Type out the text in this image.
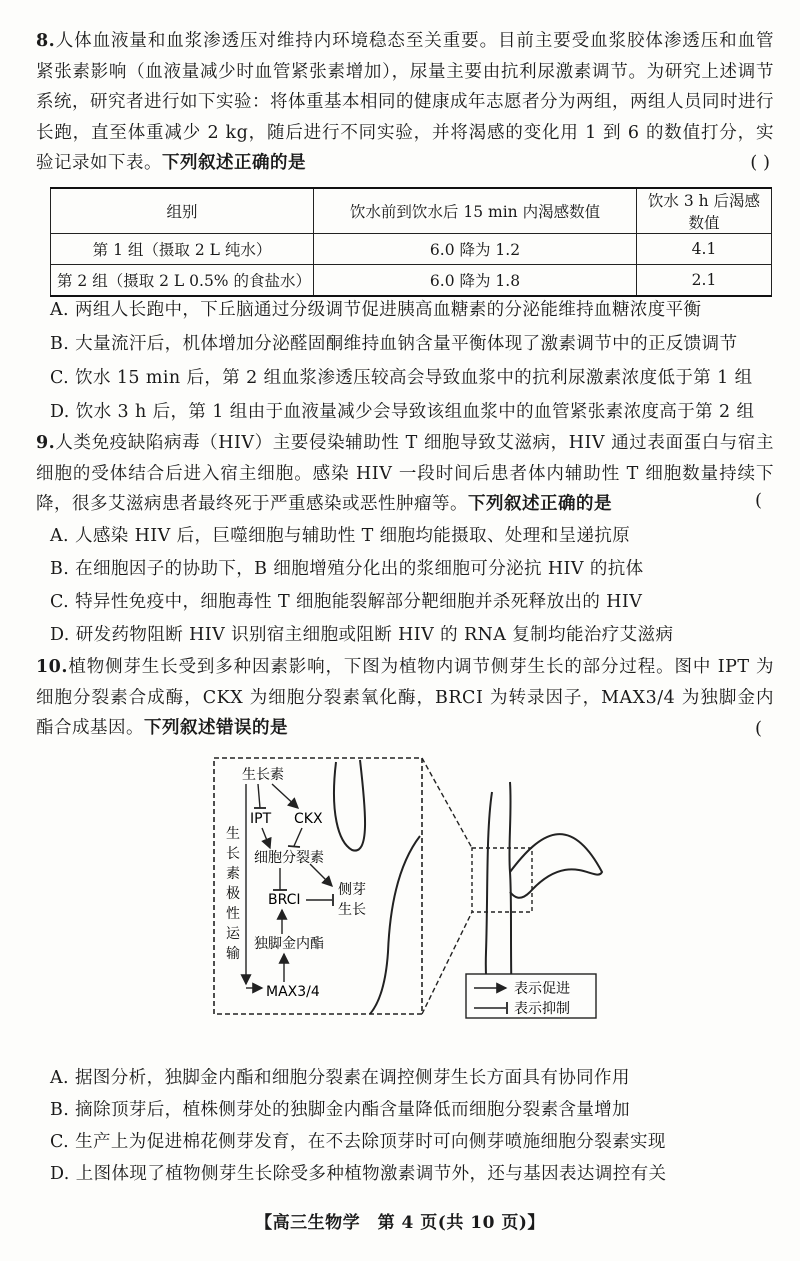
8.人体血液量和血浆渗透压对维持内环境稳态至关重要。目前主要受血浆胶体渗透压和血管紧张素影响（血液量减少时血管紧张素增加），尿量主要由抗利尿激素调节。为研究上述调节系统，研究者进行如下实验：将体重基本相同的健康成年志愿者分为两组，两组人员同时进行长跑，直至体重减少 2 kg，随后进行不同实验，并将渴感的变化用 1 到 6 的数值打分，实验记录如下表。下列叙述正确的是	( )
组别	饮水前到饮水后 15 min 内渴感数值	饮水 3 h 后渴感数值
第 1 组（摄取 2 L 纯水）	6.0 降为 1.2	4.1
第 2 组（摄取 2 L 0.5% 的食盐水）	6.0 降为 1.8	2.1

A. 两组人长跑中，下丘脑通过分级调节促进胰高血糖素的分泌能维持血糖浓度平衡

B. 大量流汗后，机体增加分泌醛固酮维持血钠含量平衡体现了激素调节中的正反馈调节

C. 饮水 15 min 后，第 2 组血浆渗透压较高会导致血浆中的抗利尿激素浓度低于第 1 组

D. 饮水 3 h 后，第 1 组由于血液量减少会导致该组血浆中的血管紧张素浓度高于第 2 组

9.人类免疫缺陷病毒（HIV）主要侵染辅助性 T 细胞导致艾滋病，HIV 通过表面蛋白与宿主细胞的受体结合后进入宿主细胞。感染 HIV 一段时间后患者体内辅助性 T 细胞数量持续下降，很多艾滋病患者最终死于严重感染或恶性肿瘤等。下列叙述正确的是	(

A. 人感染 HIV 后，巨噬细胞与辅助性 T 细胞均能摄取、处理和呈递抗原

B. 在细胞因子的协助下，B 细胞增殖分化出的浆细胞可分泌抗 HIV 的抗体

C. 特异性免疫中，细胞毒性 T 细胞能裂解部分靶细胞并杀死释放出的 HIV

D. 研发药物阻断 HIV 识别宿主细胞或阻断 HIV 的 RNA 复制均能治疗艾滋病

10.植物侧芽生长受到多种因素影响，下图为植物内调节侧芽生长的部分过程。图中 IPT 为细胞分裂素合成酶，CKX 为细胞分裂素氧化酶，BRCI 为转录因子，MAX3/4 为独脚金内酯合成基因。下列叙述错误的是	(
表示促进
表示抑制
生长素
IPT CKX
细胞分裂素
BRCI
侧芽
生长
独脚金内酯
MAX3/4
生
长
素
极
性
运
输

A. 据图分析，独脚金内酯和细胞分裂素在调控侧芽生长方面具有协同作用

B. 摘除顶芽后，植株侧芽处的独脚金内酯含量降低而细胞分裂素含量增加

C. 生产上为促进棉花侧芽发育，在不去除顶芽时可向侧芽喷施细胞分裂素实现

D. 上图体现了植物侧芽生长除受多种植物激素调节外，还与基因表达调控有关

【高三生物学　第 4 页(共 10 页)】
